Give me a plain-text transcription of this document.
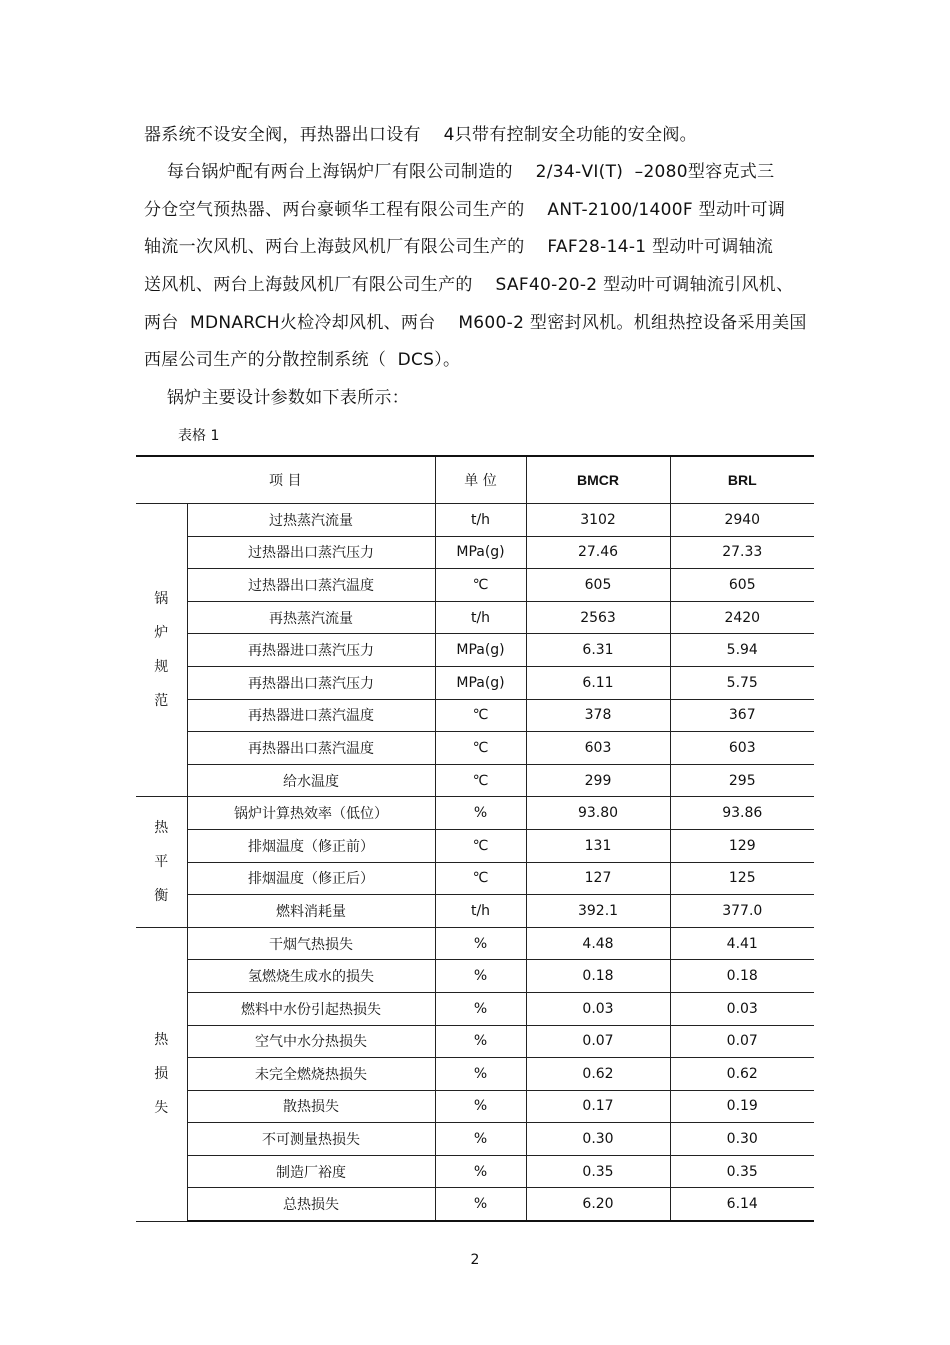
器系统不设安全阀，再热器出口设有    4只带有控制安全功能的安全阀。
每台锅炉配有两台上海锅炉厂有限公司制造的    2/34-VI(T)  –2080型容克式三
分仓空气预热器、两台豪顿华工程有限公司生产的    ANT-2100/1400F 型动叶可调
轴流一次风机、两台上海鼓风机厂有限公司生产的    FAF28-14-1 型动叶可调轴流
送风机、两台上海鼓风机厂有限公司生产的    SAF40-20-2 型动叶可调轴流引风机、
两台  MDNARCH火检冷却风机、两台    M600-2 型密封风机。机组热控设备采用美国
西屋公司生产的分散控制系统（  DCS）。
锅炉主要设计参数如下表所示：
表格 1
项 目		单 位	BMCR	BRL

锅
炉
规
范	过热蒸汽流量	t/h	3102	2940
	过热器出口蒸汽压力	MPa(g)	27.46	27.33
	过热器出口蒸汽温度	℃	605	605
	再热蒸汽流量	t/h	2563	2420
	再热器进口蒸汽压力	MPa(g)	6.31	5.94
	再热器出口蒸汽压力	MPa(g)	6.11	5.75
	再热器进口蒸汽温度	℃	378	367
	再热器出口蒸汽温度	℃	603	603
	给水温度	℃	299	295

热
平
衡	锅炉计算热效率（低位）	%	93.80	93.86
	排烟温度（修正前）	℃	131	129
	排烟温度（修正后）	℃	127	125
	燃料消耗量	t/h	392.1	377.0

热
损
失	干烟气热损失	%	4.48	4.41
	氢燃烧生成水的损失	%	0.18	0.18
	燃料中水份引起热损失	%	0.03	0.03
	空气中水分热损失	%	0.07	0.07
	未完全燃烧热损失	%	0.62	0.62
	散热损失	%	0.17	0.19
	不可测量热损失	%	0.30	0.30
	制造厂裕度	%	0.35	0.35
	总热损失	%	6.20	6.14
2
